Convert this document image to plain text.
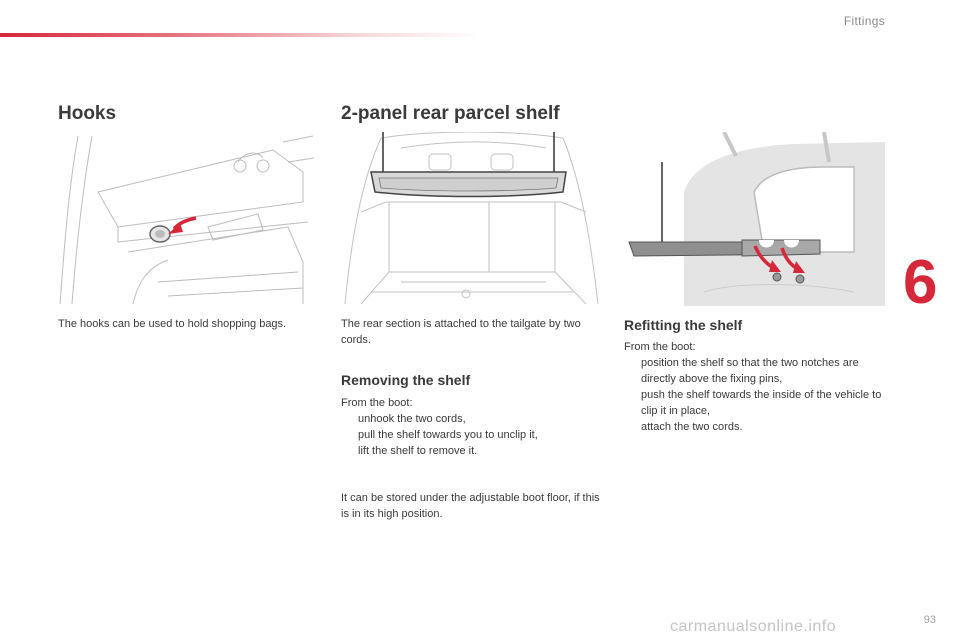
Fittings
6
Hooks
The hooks can be used to hold shopping bags.
2-panel rear parcel shelf
The rear section is attached to the tailgate by two cords.
Removing the shelf
From the boot:
unhook the two cords,
pull the shelf towards you to unclip it,
lift the shelf to remove it.
It can be stored under the adjustable boot floor, if this is in its high position.
Refitting the shelf
From the boot:
position the shelf so that the two notches are directly above the fixing pins,
push the shelf towards the inside of the vehicle to clip it in place,
attach the two cords.
carmanualsonline.info	93
